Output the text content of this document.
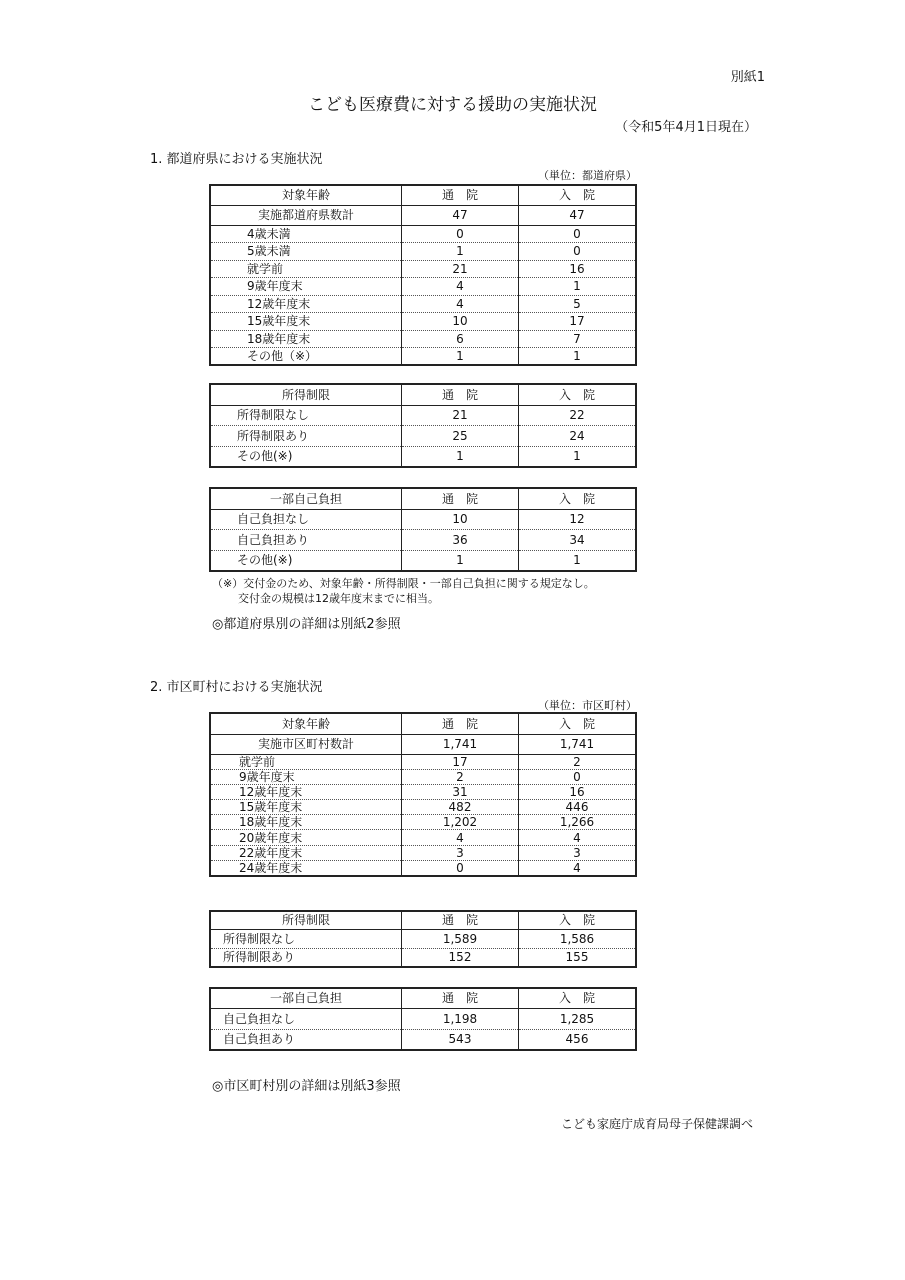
別紙1
こども医療費に対する援助の実施状況
（令和5年4月1日現在）
1. 都道府県における実施状況
（単位：都道府県）
対象年齢	通　院	入　院
実施都道府県数計	47	47
4歳未満	0	0
5歳未満	1	0
就学前	21	16
9歳年度末	4	1
12歳年度末	4	5
15歳年度末	10	17
18歳年度末	6	7
その他（※）	1	1
所得制限	通　院	入　院
所得制限なし	21	22
所得制限あり	25	24
その他(※)	1	1
一部自己負担	通　院	入　院
自己負担なし	10	12
自己負担あり	36	34
その他(※)	1	1
（※）交付金のため、対象年齢・所得制限・一部自己負担に関する規定なし。
交付金の規模は12歳年度末までに相当。
◎都道府県別の詳細は別紙2参照
2. 市区町村における実施状況
（単位：市区町村）
対象年齢	通　院	入　院
実施市区町村数計	1,741	1,741
就学前	17	2
9歳年度末	2	0
12歳年度末	31	16
15歳年度末	482	446
18歳年度末	1,202	1,266
20歳年度末	4	4
22歳年度末	3	3
24歳年度末	0	4
所得制限	通　院	入　院
所得制限なし	1,589	1,586
所得制限あり	152	155
一部自己負担	通　院	入　院
自己負担なし	1,198	1,285
自己負担あり	543	456
◎市区町村別の詳細は別紙3参照
こども家庭庁成育局母子保健課調べ
